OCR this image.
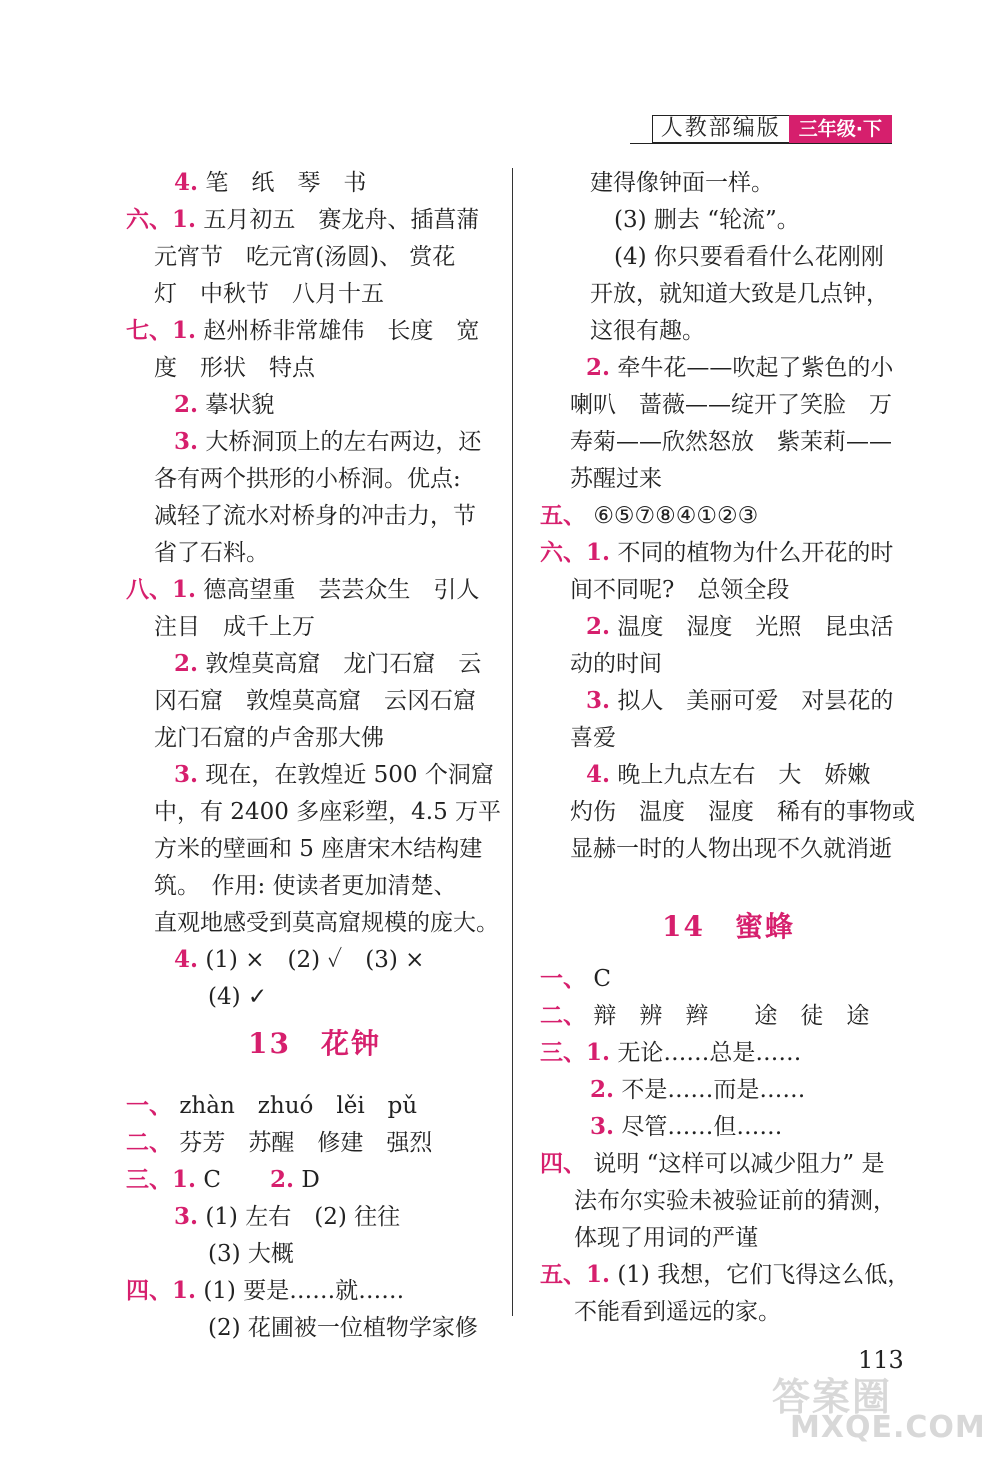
人教部编版 三年级·下
4. 笔　纸　琴　书
六、1. 五月初五　赛龙舟、插菖蒲
元宵节　吃元宵(汤圆)、 赏花
灯　中秋节　八月十五
七、1. 赵州桥非常雄伟　长度　宽
度　形状　特点
2. 摹状貌
3. 大桥洞顶上的左右两边，还
各有两个拱形的小桥洞。优点:
减轻了流水对桥身的冲击力，节
省了石料。
八、1. 德高望重　芸芸众生　引人
注目　成千上万
2. 敦煌莫高窟　龙门石窟　云
冈石窟　敦煌莫高窟　云冈石窟
龙门石窟的卢舍那大佛
3. 现在，在敦煌近 500 个洞窟
中，有 2400 多座彩塑，4.5 万平
方米的壁画和 5 座唐宋木结构建
筑。　作用: 使读者更加清楚、
直观地感受到莫高窟规模的庞大。
4. (1) ×　(2) ✓　(3) ×
(4) ✓
一、 zhàn　zhuó　lěi　pǔ
二、 芬芳　苏醒　修建　强烈
三、1. C　　
3. (1) 左右　(2) 往往
(3) 大概
四、1. (1) 要是……就……
(2) 花圃被一位植物学家修
2. D
建得像钟面一样。
(3) 删去 “轮流”。
(4) 你只要看看什么花刚刚
开放，就知道大致是几点钟，
这很有趣。
2. 牵牛花——吹起了紫色的小
喇叭　蔷薇——绽开了笑脸　万
寿菊——欣然怒放　紫茉莉——
苏醒过来
五、 ⑥⑤⑦⑧④①②③
六、1. 不同的植物为什么开花的时
间不同呢?　总领全段
2. 温度　湿度　光照　昆虫活
动的时间
3. 拟人　美丽可爱　对昙花的
喜爱
4. 晚上九点左右　大　娇嫩
灼伤　温度　湿度　稀有的事物或
显赫一时的人物出现不久就消逝
一、 C
二、 辩　辨　辫　　途　徒　途
三、1. 无论……总是……
2. 不是……而是……
3. 尽管……但……
四、 说明 “这样可以减少阻力” 是
法布尔实验未被验证前的猜测，
体现了用词的严谨
五、1. (1) 我想，它们飞得这么低，
不能看到遥远的家。
13　花钟
14　蜜蜂
113
答案圈
MXQE.COM
